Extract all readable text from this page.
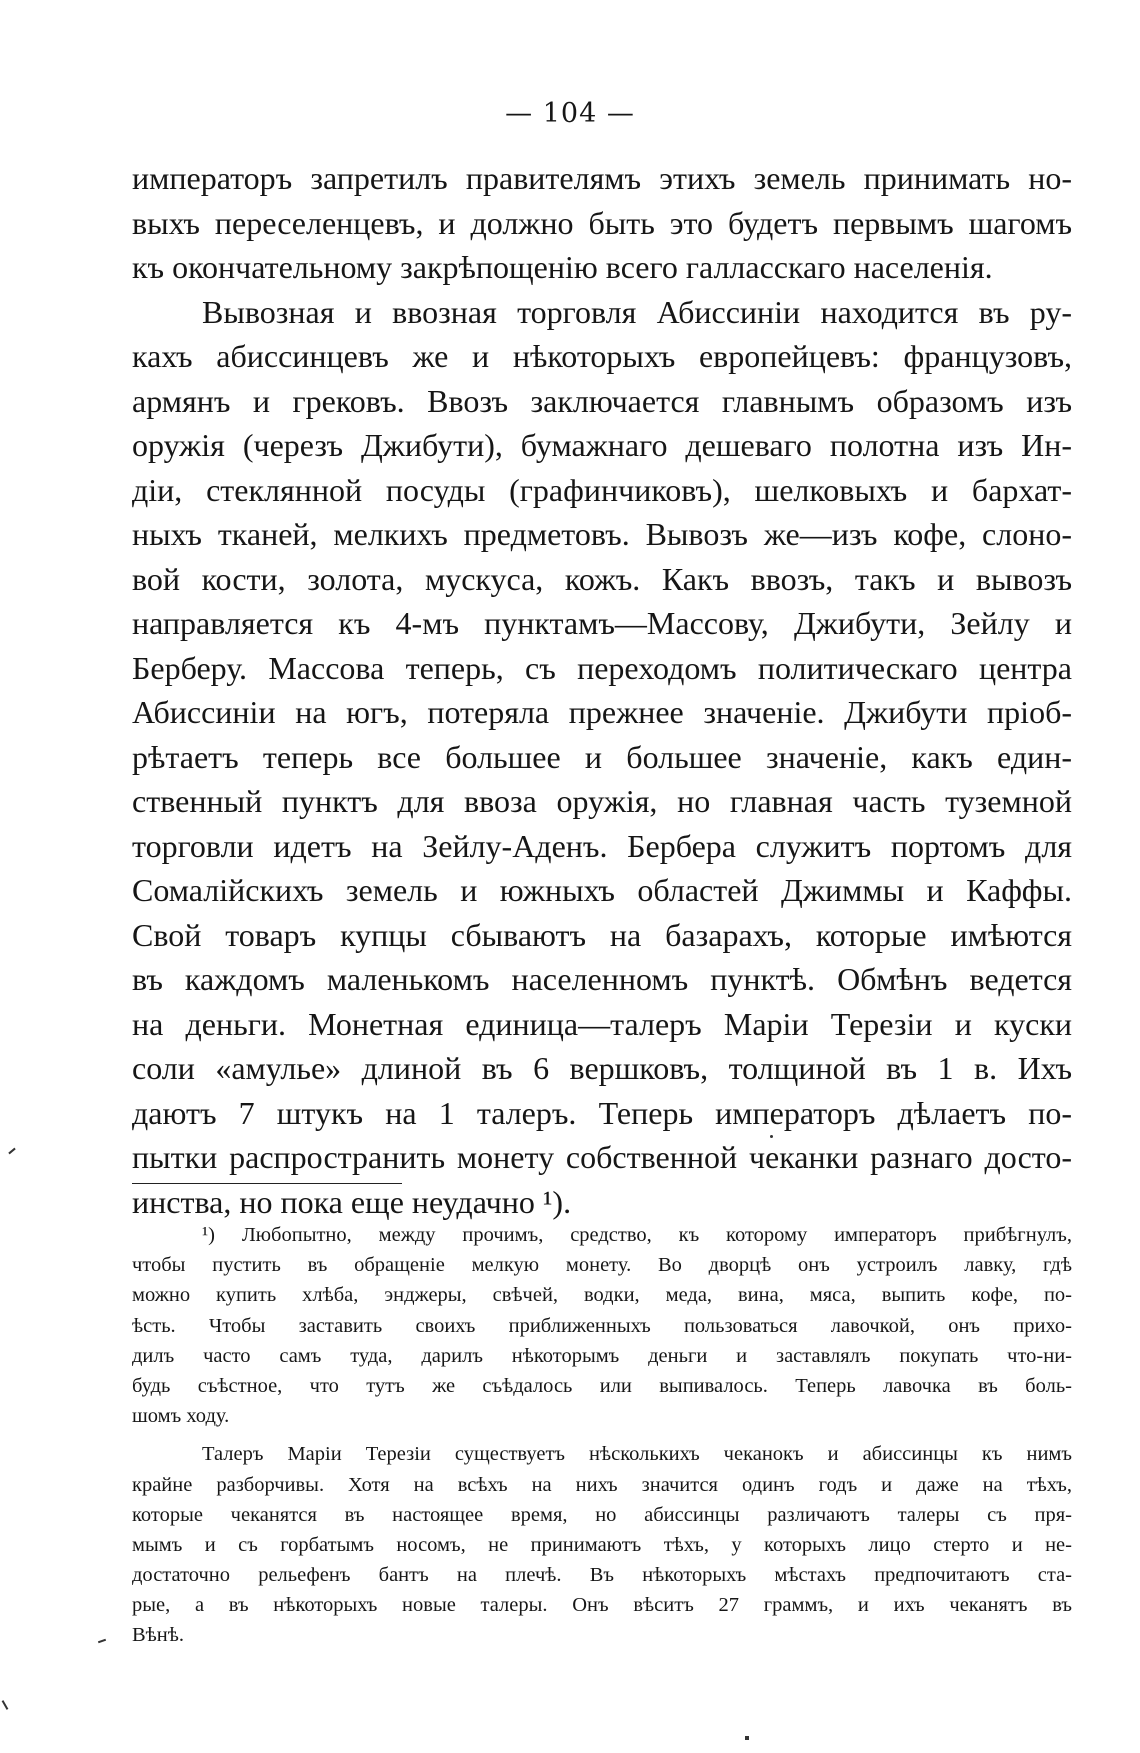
— 104 —
императоръ запретилъ правителямъ этихъ земель принимать но-
выхъ переселенцевъ, и должно быть это будетъ первымъ шагомъ
къ окончательному закрѣпощенію всего галласскаго населенія.
Вывозная и ввозная торговля Абиссиніи находится въ ру-
кахъ абиссинцевъ же и нѣкоторыхъ европейцевъ: французовъ,
армянъ и грековъ. Ввозъ заключается главнымъ образомъ изъ
оружія (черезъ Джибути), бумажнаго дешеваго полотна изъ Ин-
діи, стеклянной посуды (графинчиковъ), шелковыхъ и бархат-
ныхъ тканей, мелкихъ предметовъ. Вывозъ же—изъ кофе, слоно-
вой кости, золота, мускуса, кожъ. Какъ ввозъ, такъ и вывозъ
направляется къ 4-мъ пунктамъ—Массову, Джибути, Зейлу и
Берберу. Массова теперь, съ переходомъ политическаго центра
Абиссиніи на югъ, потеряла прежнее значеніе. Джибути пріоб-
рѣтаетъ теперь все большее и большее значеніе, какъ един-
ственный пунктъ для ввоза оружія, но главная часть туземной
торговли идетъ на Зейлу-Аденъ. Бербера служитъ портомъ для
Сомалійскихъ земель и южныхъ областей Джиммы и Каффы.
Свой товаръ купцы сбываютъ на базарахъ, которые имѣются
въ каждомъ маленькомъ населенномъ пунктѣ. Обмѣнъ ведется
на деньги. Монетная единица—талеръ Маріи Терезіи и куски
соли «амулье» длиной въ 6 вершковъ, толщиной въ 1 в. Ихъ
даютъ 7 штукъ на 1 талеръ. Теперь императоръ дѣлаетъ по-
пытки распространить монету собственной чеканки разнаго досто-
инства, но пока еще неудачно ¹).
¹) Любопытно, между прочимъ, средство, къ которому императоръ прибѣгнулъ,
чтобы пустить въ обращеніе мелкую монету. Во дворцѣ онъ устроилъ лавку, гдѣ
можно купить хлѣба, энджеры, свѣчей, водки, меда, вина, мяса, выпить кофе, по-
ѣсть. Чтобы заставить своихъ приближенныхъ пользоваться лавочкой, онъ прихо-
дилъ часто самъ туда, дарилъ нѣкоторымъ деньги и заставлялъ покупать что-ни-
будь съѣстное, что тутъ же съѣдалось или выпивалось. Теперь лавочка въ боль-
шомъ ходу.
Талеръ Маріи Терезіи существуетъ нѣсколькихъ чеканокъ и абиссинцы къ нимъ
крайне разборчивы. Хотя на всѣхъ на нихъ значится одинъ годъ и даже на тѣхъ,
которые чеканятся въ настоящее время, но абиссинцы различаютъ талеры съ пря-
мымъ и съ горбатымъ носомъ, не принимаютъ тѣхъ, у которыхъ лицо стерто и не-
достаточно рельефенъ бантъ на плечѣ. Въ нѣкоторыхъ мѣстахъ предпочитаютъ ста-
рые, а въ нѣкоторыхъ новые талеры. Онъ вѣситъ 27 граммъ, и ихъ чеканятъ въ
Вѣнѣ.
